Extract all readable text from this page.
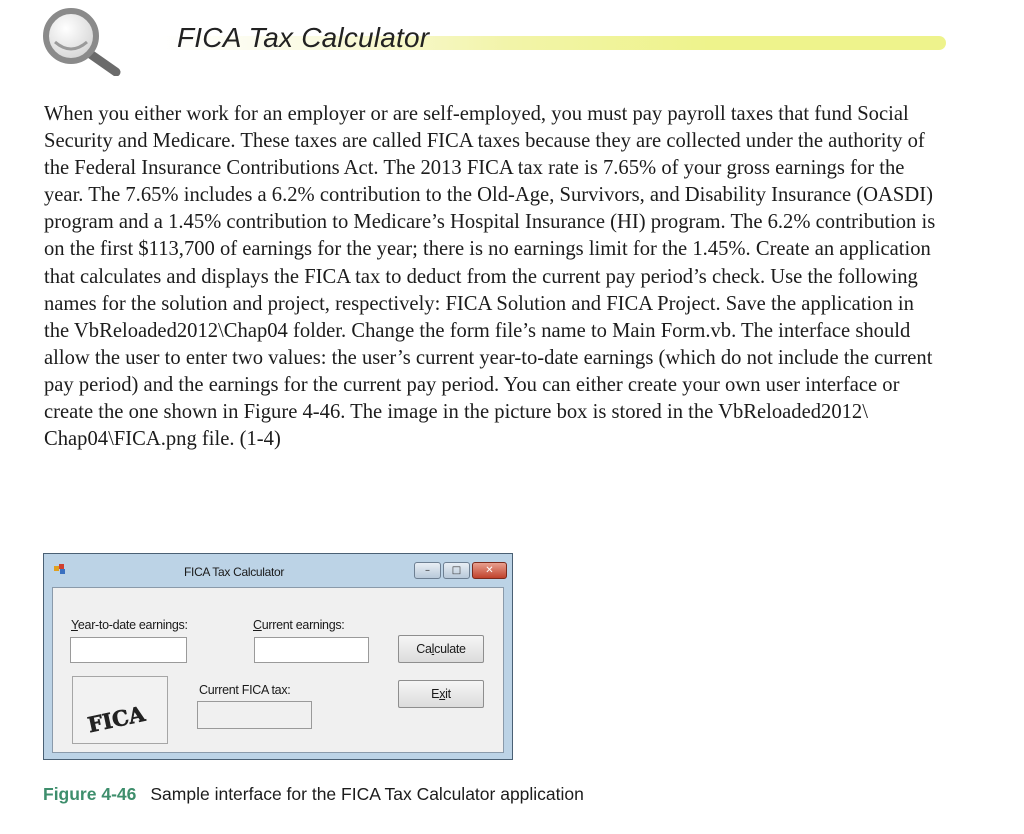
FICA Tax Calculator
When you either work for an employer or are self-employed, you must pay payroll taxes that fund Social Security and Medicare. These taxes are called FICA taxes because they are collected under the authority of the Federal Insurance Contributions Act. The 2013 FICA tax rate is 7.65% of your gross earnings for the year. The 7.65% includes a 6.2% contribution to the Old-Age, Survivors, and Disability Insurance (OASDI) program and a 1.45% contribution to Medicare’s Hospital Insurance (HI) program. The 6.2% contribution is on the first $113,700 of earnings for the year; there is no earnings limit for the 1.45%. Create an application that calculates and displays the FICA tax to deduct from the current pay period’s check. Use the following names for the solution and project, respectively: FICA Solution and FICA Project. Save the application in the VbReloaded2012\Chap04 folder. Change the form file’s name to Main Form.vb. The interface should allow the user to enter two values: the user’s current year-to-date earnings (which do not include the current pay period) and the earnings for the current pay period. You can either create your own user interface or create the one shown in Figure 4-46. The image in the picture box is stored in the VbReloaded2012\ Chap04\FICA.png file. (1-4)
FICA Tax Calculator	–	□	✕
Year-to-date earnings:	Current earnings:
Calculate
FICA
Current FICA tax:	Exit
Figure 4-46 Sample interface for the FICA Tax Calculator application
